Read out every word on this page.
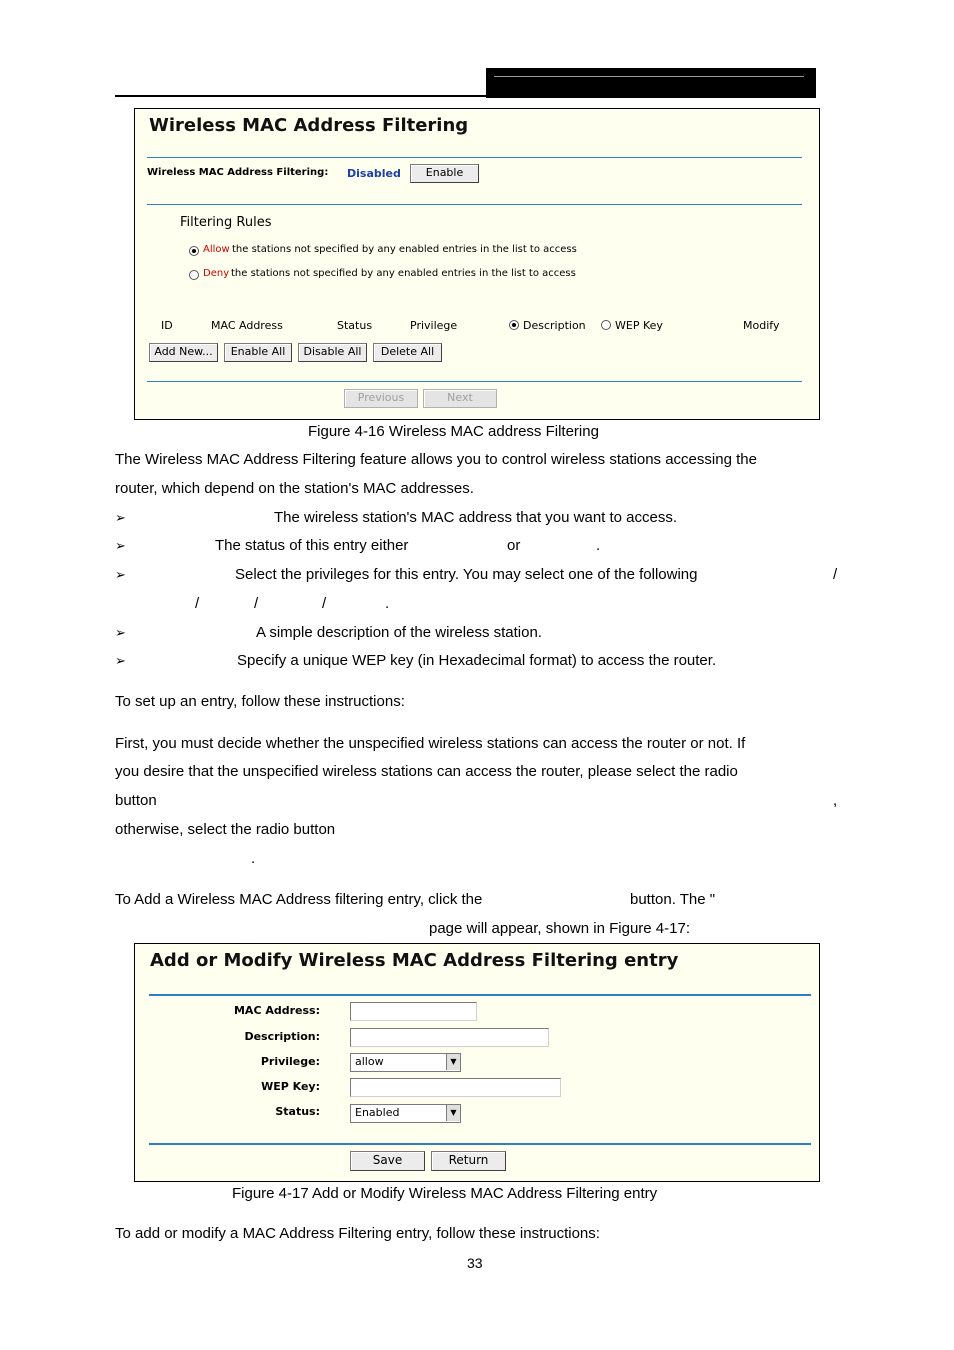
Wireless MAC Address Filtering
Wireless MAC Address Filtering: Disabled	Enable
Filtering Rules
Allow the stations not specified by any enabled entries in the list to access
Deny the stations not specified by any enabled entries in the list to access
ID	MAC Address	Status	Privilege	Description	WEP Key	Modify
Add New...	Enable All	Disable All	Delete All
Previous	Next
Figure 4-16 Wireless MAC address Filtering
The Wireless MAC Address Filtering feature allows you to control wireless stations accessing the
router, which depend on the station's MAC addresses.
➢	The wireless station's MAC address that you want to access.
➢	The status of this entry either	or	.
➢	Select the privileges for this entry. You may select one of the following	/
/	/	/	.
➢	A simple description of the wireless station.
➢	Specify a unique WEP key (in Hexadecimal format) to access the router.
To set up an entry, follow these instructions:
First, you must decide whether the unspecified wireless stations can access the router or not. If
you desire that the unspecified wireless stations can access the router, please select the radio
button	,
otherwise, select the radio button
.
To Add a Wireless MAC Address filtering entry, click the	button. The "
page will appear, shown in Figure 4-17:
Add or Modify Wireless MAC Address Filtering entry
MAC Address:
Description:
Privilege:	allow	▼
WEP Key:
Status:	Enabled	▼
Save	Return
Figure 4-17 Add or Modify Wireless MAC Address Filtering entry
To add or modify a MAC Address Filtering entry, follow these instructions:
33
